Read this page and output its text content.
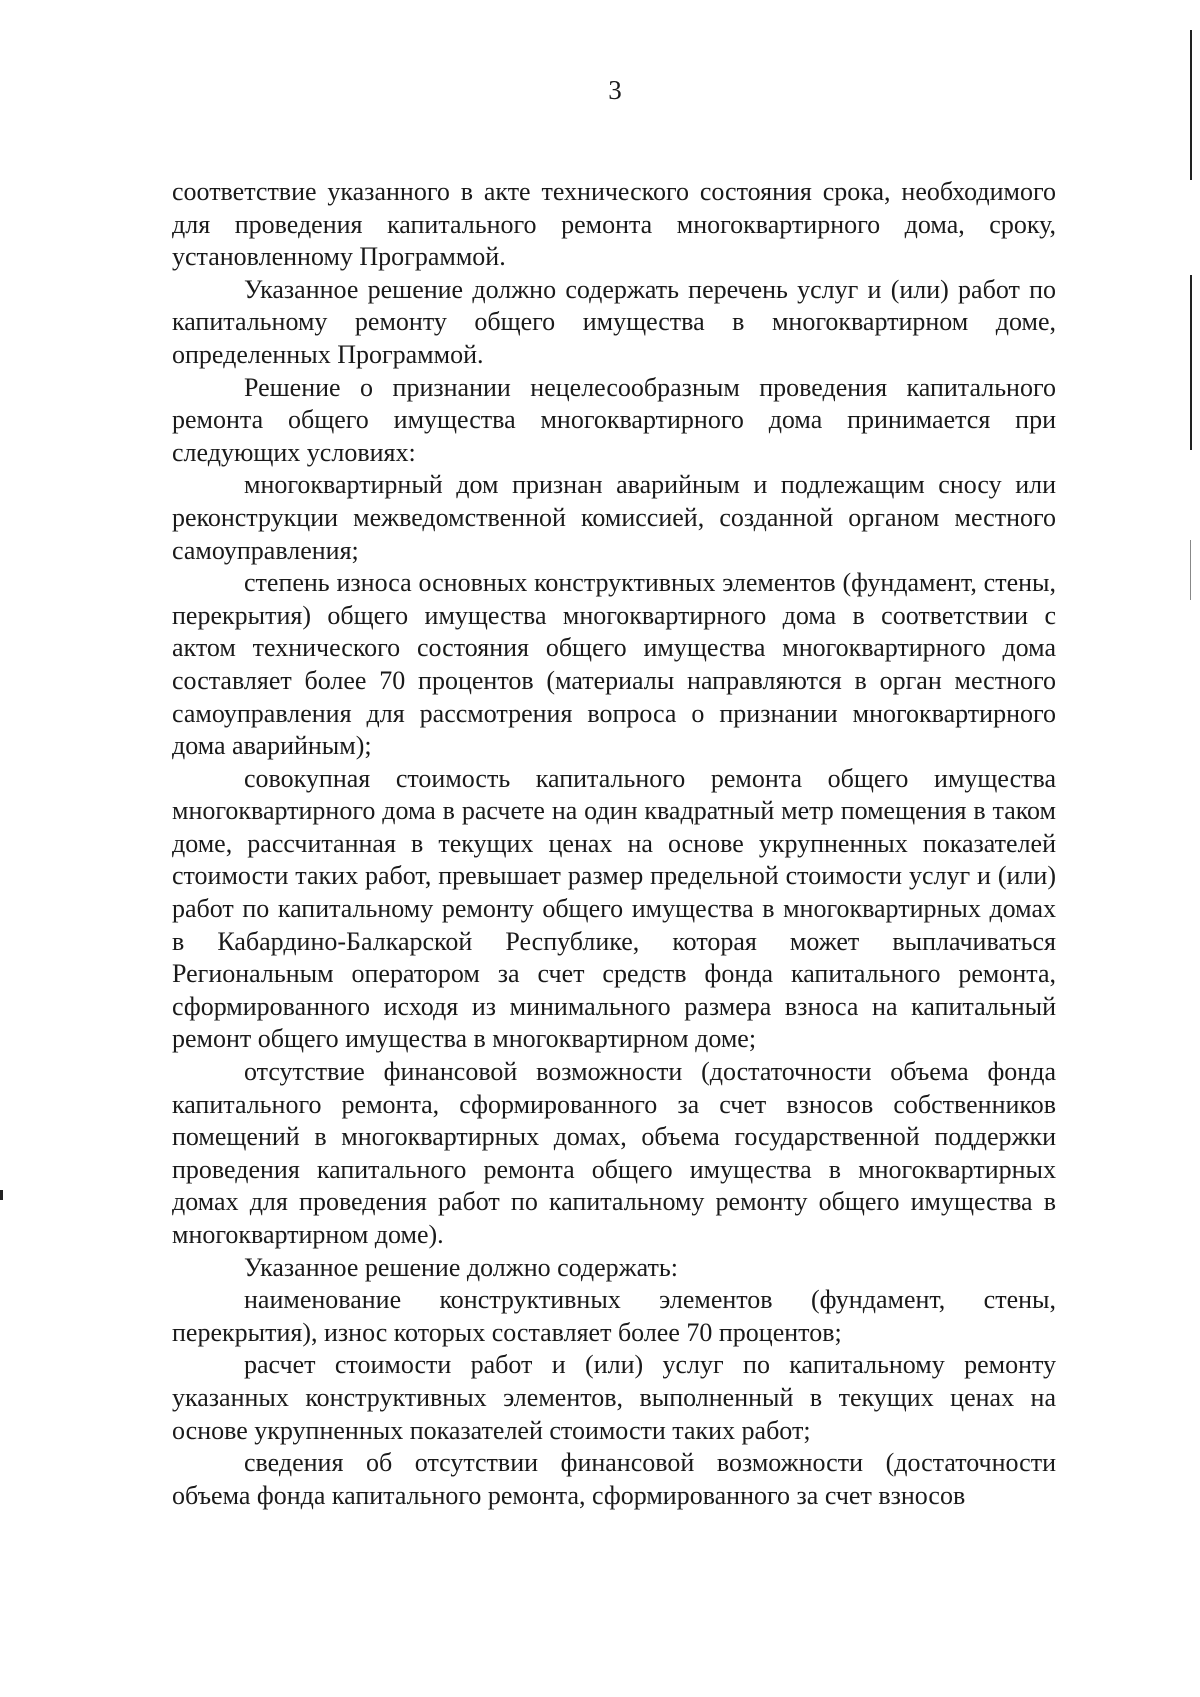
3

соответствие указанного в акте технического состояния срока, необходимого для проведения капитального ремонта многоквартирного дома, сроку, установленному Программой.

Указанное решение должно содержать перечень услуг и (или) работ по капитальному ремонту общего имущества в многоквартирном доме, определенных Программой.

Решение о признании нецелесообразным проведения капитального ремонта общего имущества многоквартирного дома принимается при следующих условиях:

многоквартирный дом признан аварийным и подлежащим сносу или реконструкции межведомственной комиссией, созданной органом местного самоуправления;

степень износа основных конструктивных элементов (фундамент, стены, перекрытия) общего имущества многоквартирного дома в соответствии с актом технического состояния общего имущества многоквартирного дома составляет более 70 процентов (материалы направляются в орган местного самоуправления для рассмотрения вопроса о признании многоквартирного дома аварийным);

совокупная стоимость капитального ремонта общего имущества многоквартирного дома в расчете на один квадратный метр помещения в таком доме, рассчитанная в текущих ценах на основе укрупненных показателей стоимости таких работ, превышает размер предельной стоимости услуг и (или) работ по капитальному ремонту общего имущества в многоквартирных домах в Кабардино-Балкарской Республике, которая может выплачиваться Региональным оператором за счет средств фонда капитального ремонта, сформированного исходя из минимального размера взноса на капитальный ремонт общего имущества в многоквартирном доме;

отсутствие финансовой возможности (достаточности объема фонда капитального ремонта, сформированного за счет взносов собственников помещений в многоквартирных домах, объема государственной поддержки проведения капитального ремонта общего имущества в многоквартирных домах для проведения работ по капитальному ремонту общего имущества в многоквартирном доме).

Указанное решение должно содержать:

наименование конструктивных элементов (фундамент, стены, перекрытия), износ которых составляет более 70 процентов;

расчет стоимости работ и (или) услуг по капитальному ремонту указанных конструктивных элементов, выполненный в текущих ценах на основе укрупненных показателей стоимости таких работ;

сведения об отсутствии финансовой возможности (достаточности объема фонда капитального ремонта, сформированного за счет взносов
